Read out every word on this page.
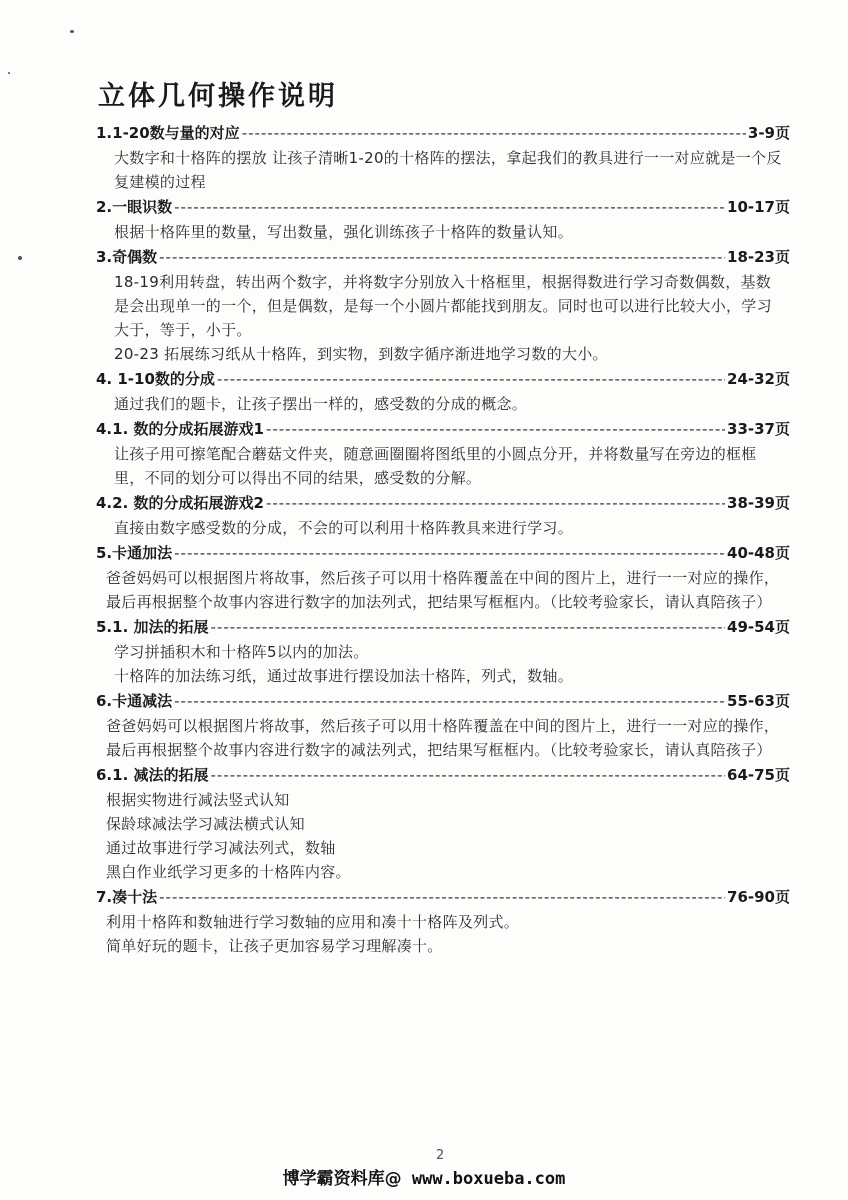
立体几何操作说明
1.1-20数与量的对应 -----	3-9页

大数字和十格阵的摆放 让孩子清晰1-20的十格阵的摆法，拿起我们的教具进行一一对应就是一个反复建模的过程

2.一眼识数 -----	10-17页

根据十格阵里的数量，写出数量，强化训练孩子十格阵的数量认知。

3.奇偶数 -----	18-23页

18-19利用转盘，转出两个数字，并将数字分别放入十格框里，根据得数进行学习奇数偶数，基数是会出现单一的一个，但是偶数，是每一个小圆片都能找到朋友。同时也可以进行比较大小，学习大于，等于，小于。

20-23 拓展练习纸从十格阵，到实物，到数字循序渐进地学习数的大小。

4. 1-10数的分成 -----	24-32页

通过我们的题卡，让孩子摆出一样的，感受数的分成的概念。

4.1. 数的分成拓展游戏1 -----	33-37页

让孩子用可擦笔配合蘑菇文件夹，随意画圈圈将图纸里的小圆点分开，并将数量写在旁边的框框里，不同的划分可以得出不同的结果，感受数的分解。

4.2. 数的分成拓展游戏2 -----	38-39页

直接由数字感受数的分成，不会的可以利用十格阵教具来进行学习。

5.卡通加法 -----	40-48页

爸爸妈妈可以根据图片将故事，然后孩子可以用十格阵覆盖在中间的图片上，进行一一对应的操作，最后再根据整个故事内容进行数字的加法列式，把结果写框框内。（比较考验家长，请认真陪孩子）

5.1. 加法的拓展 -----	49-54页

学习拼插积木和十格阵5以内的加法。

十格阵的加法练习纸，通过故事进行摆设加法十格阵，列式，数轴。

6.卡通减法 -----	55-63页

爸爸妈妈可以根据图片将故事，然后孩子可以用十格阵覆盖在中间的图片上，进行一一对应的操作，最后再根据整个故事内容进行数字的减法列式，把结果写框框内。（比较考验家长，请认真陪孩子）

6.1. 减法的拓展 -----	64-75页

根据实物进行减法竖式认知

保龄球减法学习减法横式认知

通过故事进行学习减法列式，数轴

黑白作业纸学习更多的十格阵内容。

7.凑十法 -----	76-90页

利用十格阵和数轴进行学习数轴的应用和凑十十格阵及列式。

简单好玩的题卡，让孩子更加容易学习理解凑十。

2

博学霸资料库@ www.boxueba.com
